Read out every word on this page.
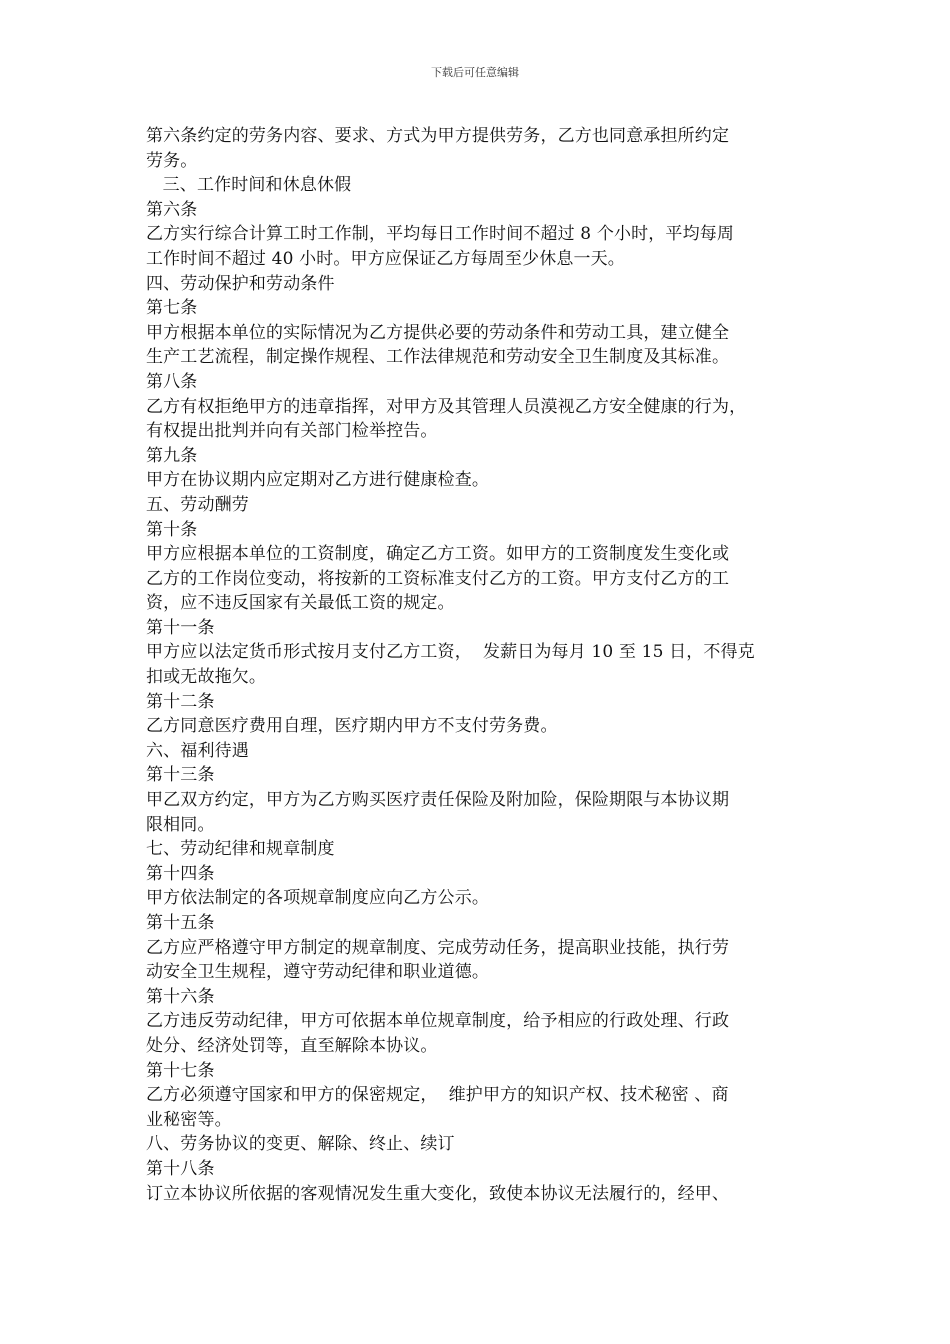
下载后可任意编辑
第六条约定的劳务内容、要求、方式为甲方提供劳务，乙方也同意承担所约定
劳务。
三、工作时间和休息休假
第六条
乙方实行综合计算工时工作制，平均每日工作时间不超过 8 个小时，平均每周
工作时间不超过 40 小时。甲方应保证乙方每周至少休息一天。
四、劳动保护和劳动条件
第七条
甲方根据本单位的实际情况为乙方提供必要的劳动条件和劳动工具，建立健全
生产工艺流程，制定操作规程、工作法律规范和劳动安全卫生制度及其标准。
第八条
乙方有权拒绝甲方的违章指挥，对甲方及其管理人员漠视乙方安全健康的行为，
有权提出批判并向有关部门检举控告。
第九条
甲方在协议期内应定期对乙方进行健康检查。
五、劳动酬劳
第十条
甲方应根据本单位的工资制度，确定乙方工资。如甲方的工资制度发生变化或
乙方的工作岗位变动，将按新的工资标准支付乙方的工资。甲方支付乙方的工
资，应不违反国家有关最低工资的规定。
第十一条
甲方应以法定货币形式按月支付乙方工资，  发薪日为每月 10 至 15 日，不得克
扣或无故拖欠。
第十二条
乙方同意医疗费用自理，医疗期内甲方不支付劳务费。
六、福利待遇
第十三条
甲乙双方约定，甲方为乙方购买医疗责任保险及附加险，保险期限与本协议期
限相同。
七、劳动纪律和规章制度
第十四条
甲方依法制定的各项规章制度应向乙方公示。
第十五条
乙方应严格遵守甲方制定的规章制度、完成劳动任务，提高职业技能，执行劳
动安全卫生规程，遵守劳动纪律和职业道德。
第十六条
乙方违反劳动纪律，甲方可依据本单位规章制度，给予相应的行政处理、行政
处分、经济处罚等，直至解除本协议。
第十七条
乙方必须遵守国家和甲方的保密规定，  维护甲方的知识产权、技术秘密 、商
业秘密等。
八、劳务协议的变更、解除、终止、续订
第十八条
订立本协议所依据的客观情况发生重大变化，致使本协议无法履行的，经甲、
